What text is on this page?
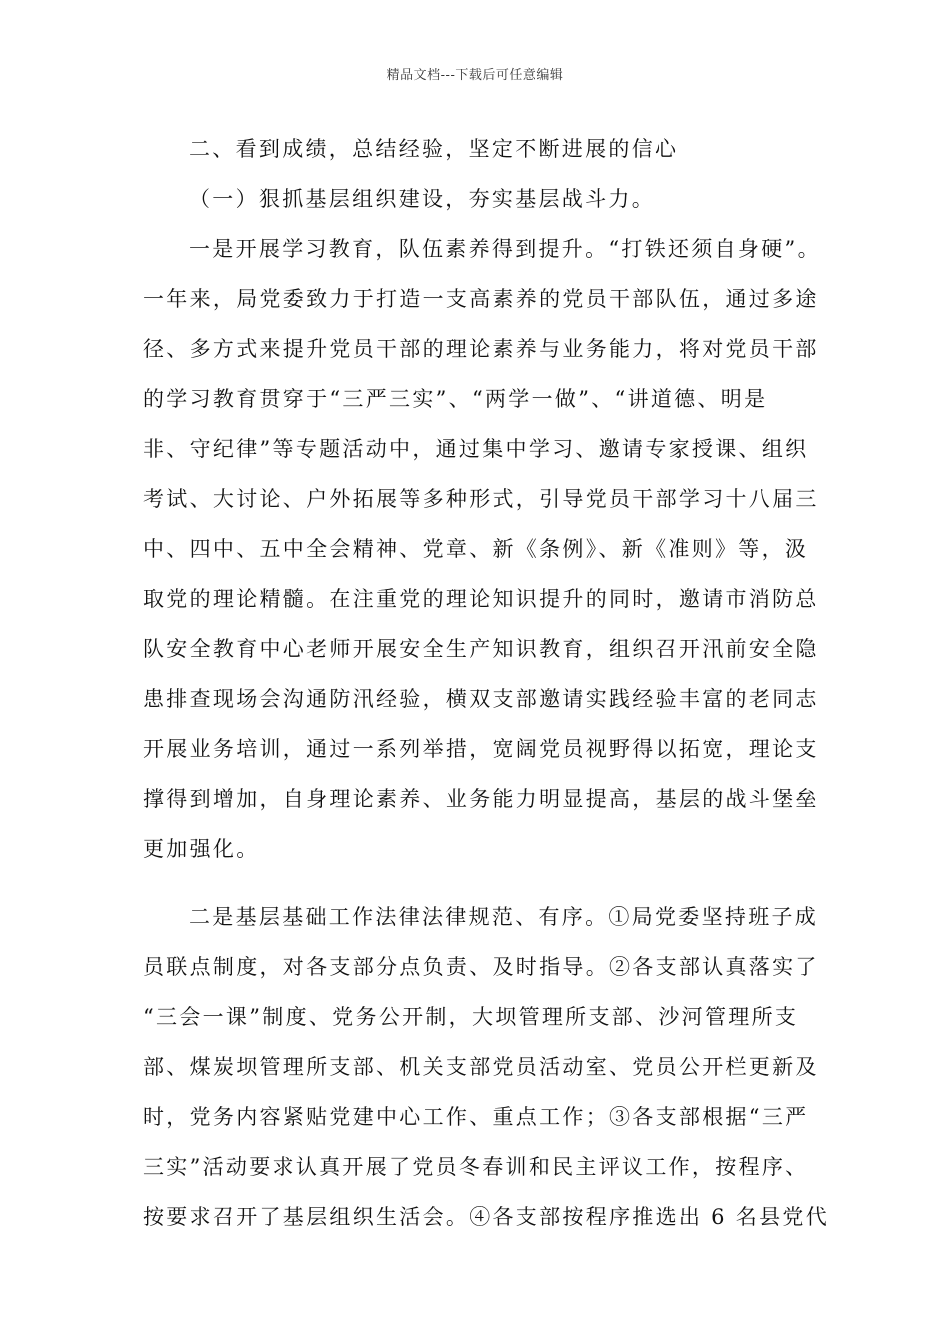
精品文档---下载后可任意编辑
二、看到成绩，总结经验，坚定不断进展的信心
（一）狠抓基层组织建设，夯实基层战斗力。
一是开展学习教育，队伍素养得到提升。“打铁还须自身硬”。
一年来，局党委致力于打造一支高素养的党员干部队伍，通过多途
径、多方式来提升党员干部的理论素养与业务能力，将对党员干部
的学习教育贯穿于“三严三实”、“两学一做”、“讲道德、明是
非、守纪律”等专题活动中，通过集中学习、邀请专家授课、组织
考试、大讨论、户外拓展等多种形式，引导党员干部学习十八届三
中、四中、五中全会精神、党章、新《条例》、新《准则》等，汲
取党的理论精髓。在注重党的理论知识提升的同时，邀请市消防总
队安全教育中心老师开展安全生产知识教育，组织召开汛前安全隐
患排查现场会沟通防汛经验，横双支部邀请实践经验丰富的老同志
开展业务培训，通过一系列举措，宽阔党员视野得以拓宽，理论支
撑得到增加，自身理论素养、业务能力明显提高，基层的战斗堡垒
更加强化。
二是基层基础工作法律法律规范、有序。①局党委坚持班子成
员联点制度，对各支部分点负责、及时指导。②各支部认真落实了
“三会一课”制度、党务公开制，大坝管理所支部、沙河管理所支
部、煤炭坝管理所支部、机关支部党员活动室、党员公开栏更新及
时，党务内容紧贴党建中心工作、重点工作；③各支部根据“三严
三实”活动要求认真开展了党员冬春训和民主评议工作，按程序、
按要求召开了基层组织生活会。④各支部按程序推选出 6 名县党代
